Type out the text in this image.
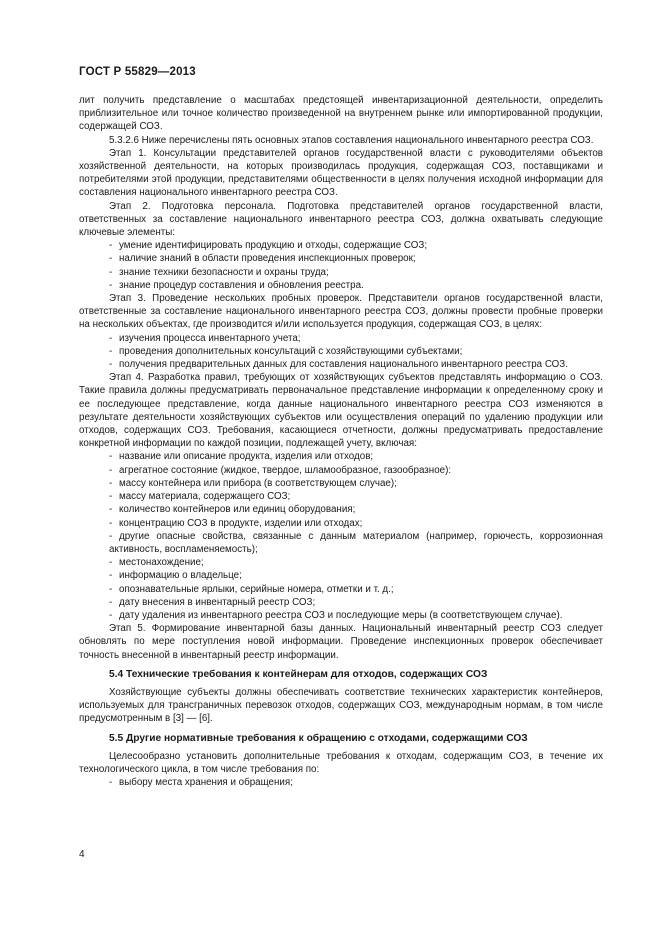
ГОСТ Р 55829—2013

лит получить представление о масштабах предстоящей инвентаризационной деятельности, определить приблизительное или точное количество произведенной на внутреннем рынке или импортированной продукции, содержащей СОЗ.

5.3.2.6 Ниже перечислены пять основных этапов составления национального инвентарного реестра СОЗ.

Этап 1. Консультации представителей органов государственной власти с руководителями объектов хозяйственной деятельности, на которых производилась продукция, содержащая СОЗ, поставщиками и потребителями этой продукции, представителями общественности в целях получения исходной информации для составления национального инвентарного реестра СОЗ.

Этап 2. Подготовка персонала. Подготовка представителей органов государственной власти, ответственных за составление национального инвентарного реестра СОЗ, должна охватывать следующие ключевые элементы:

- умение идентифицировать продукцию и отходы, содержащие СОЗ;
- наличие знаний в области проведения инспекционных проверок;
- знание техники безопасности и охраны труда;
- знание процедур составления и обновления реестра.

Этап 3. Проведение нескольких пробных проверок. Представители органов государственной власти, ответственные за составление национального инвентарного реестра СОЗ, должны провести пробные проверки на нескольких объектах, где производится и/или используется продукция, содержащая СОЗ, в целях:

- изучения процесса инвентарного учета;
- проведения дополнительных консультаций с хозяйствующими субъектами;
- получения предварительных данных для составления национального инвентарного реестра СОЗ.

Этап 4. Разработка правил, требующих от хозяйствующих субъектов представлять информацию о СОЗ. Такие правила должны предусматривать первоначальное представление информации к определенному сроку и ее последующее представление, когда данные национального инвентарного реестра СОЗ изменяются в результате деятельности хозяйствующих субъектов или осуществления операций по удалению продукции или отходов, содержащих СОЗ. Требования, касающиеся отчетности, должны предусматривать предоставление конкретной информации по каждой позиции, подлежащей учету, включая:

- название или описание продукта, изделия или отходов;
- агрегатное состояние (жидкое, твердое, шламообразное, газообразное):
- массу контейнера или прибора (в соответствующем случае);
- массу материала, содержащего СОЗ;
- количество контейнеров или единиц оборудования;
- концентрацию СОЗ в продукте, изделии или отходах;
- другие опасные свойства, связанные с данным материалом (например, горючесть, коррозионная активность, воспламеняемость);
- местонахождение;
- информацию о владельце;
- опознавательные ярлыки, серийные номера, отметки и т. д.;
- дату внесения в инвентарный реестр СОЗ;
- дату удаления из инвентарного реестра СОЗ и последующие меры (в соответствующем случае).

Этап 5. Формирование инвентарной базы данных. Национальный инвентарный реестр СОЗ следует обновлять по мере поступления новой информации. Проведение инспекционных проверок обеспечивает точность внесенной в инвентарный реестр информации.

5.4 Технические требования к контейнерам для отходов, содержащих СОЗ

Хозяйствующие субъекты должны обеспечивать соответствие технических характеристик контейнеров, используемых для трансграничных перевозок отходов, содержащих СОЗ, международным нормам, в том числе предусмотренным в [3] — [6].

5.5 Другие нормативные требования к обращению с отходами, содержащими СОЗ

Целесообразно установить дополнительные требования к отходам, содержащим СОЗ, в течение их технологического цикла, в том числе требования по:

- выбору места хранения и обращения;
4
